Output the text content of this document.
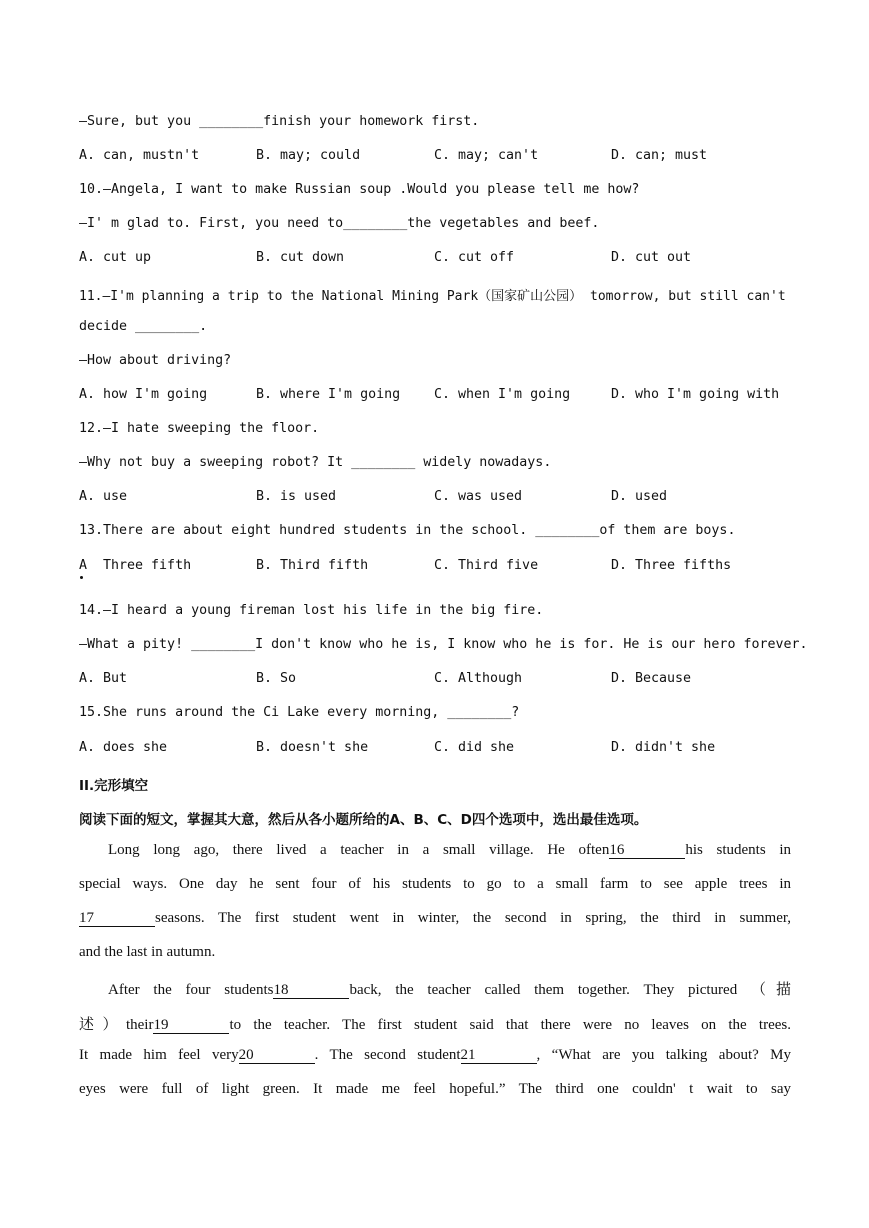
—Sure, but you ________finish your homework first.
A. can, mustn't	B. may; could	C. may; can't	D. can; must
10.—Angela, I want to make Russian soup .Would you please tell me how?
—I' m glad to. First, you need to________the vegetables and beef.
A. cut up	B. cut down	C. cut off	D. cut out
11.—I'm planning a trip to the National Mining Park（国家矿山公园） tomorrow, but still can't
decide ________.
—How about driving?
A. how I'm going	B. where I'm going	C. when I'm going	D. who I'm going with
12.—I hate sweeping the floor.
—Why not buy a sweeping robot? It ________ widely nowadays.
A. use	B. is used	C. was used	D. used
13.There are about eight hundred students in the school. ________of them are boys.
A  Three fifth	B. Third fifth	C. Third five	D. Three fifths
14.—I heard a young fireman lost his life in the big fire.
—What a pity! ________I don't know who he is, I know who he is for. He is our hero forever.
A. But	B. So	C. Although	D. Because
15.She runs around the Ci Lake every morning, ________?
A. does she	B. doesn't she	C. did she	D. didn't she
II.完形填空
阅读下面的短文，掌握其大意，然后从各小题所给的A、B、C、D四个选项中，选出最佳选项。
Long long ago, there lived a teacher in a small village. He often16	his students in
special ways. One day he sent four of his students to go to a small farm to see apple trees in
17	seasons. The first student went in winter, the second in spring, the third in summer,
and the last in autumn.
After the four students18	back, the teacher called them together. They pictured （描
述）their19	to the teacher. The first student said that there were no leaves on the trees.
It made him feel very20	. The second student21	, “What are you talking about? My
eyes were full of light green. It made me feel hopeful.” The third one couldn' t wait to say
